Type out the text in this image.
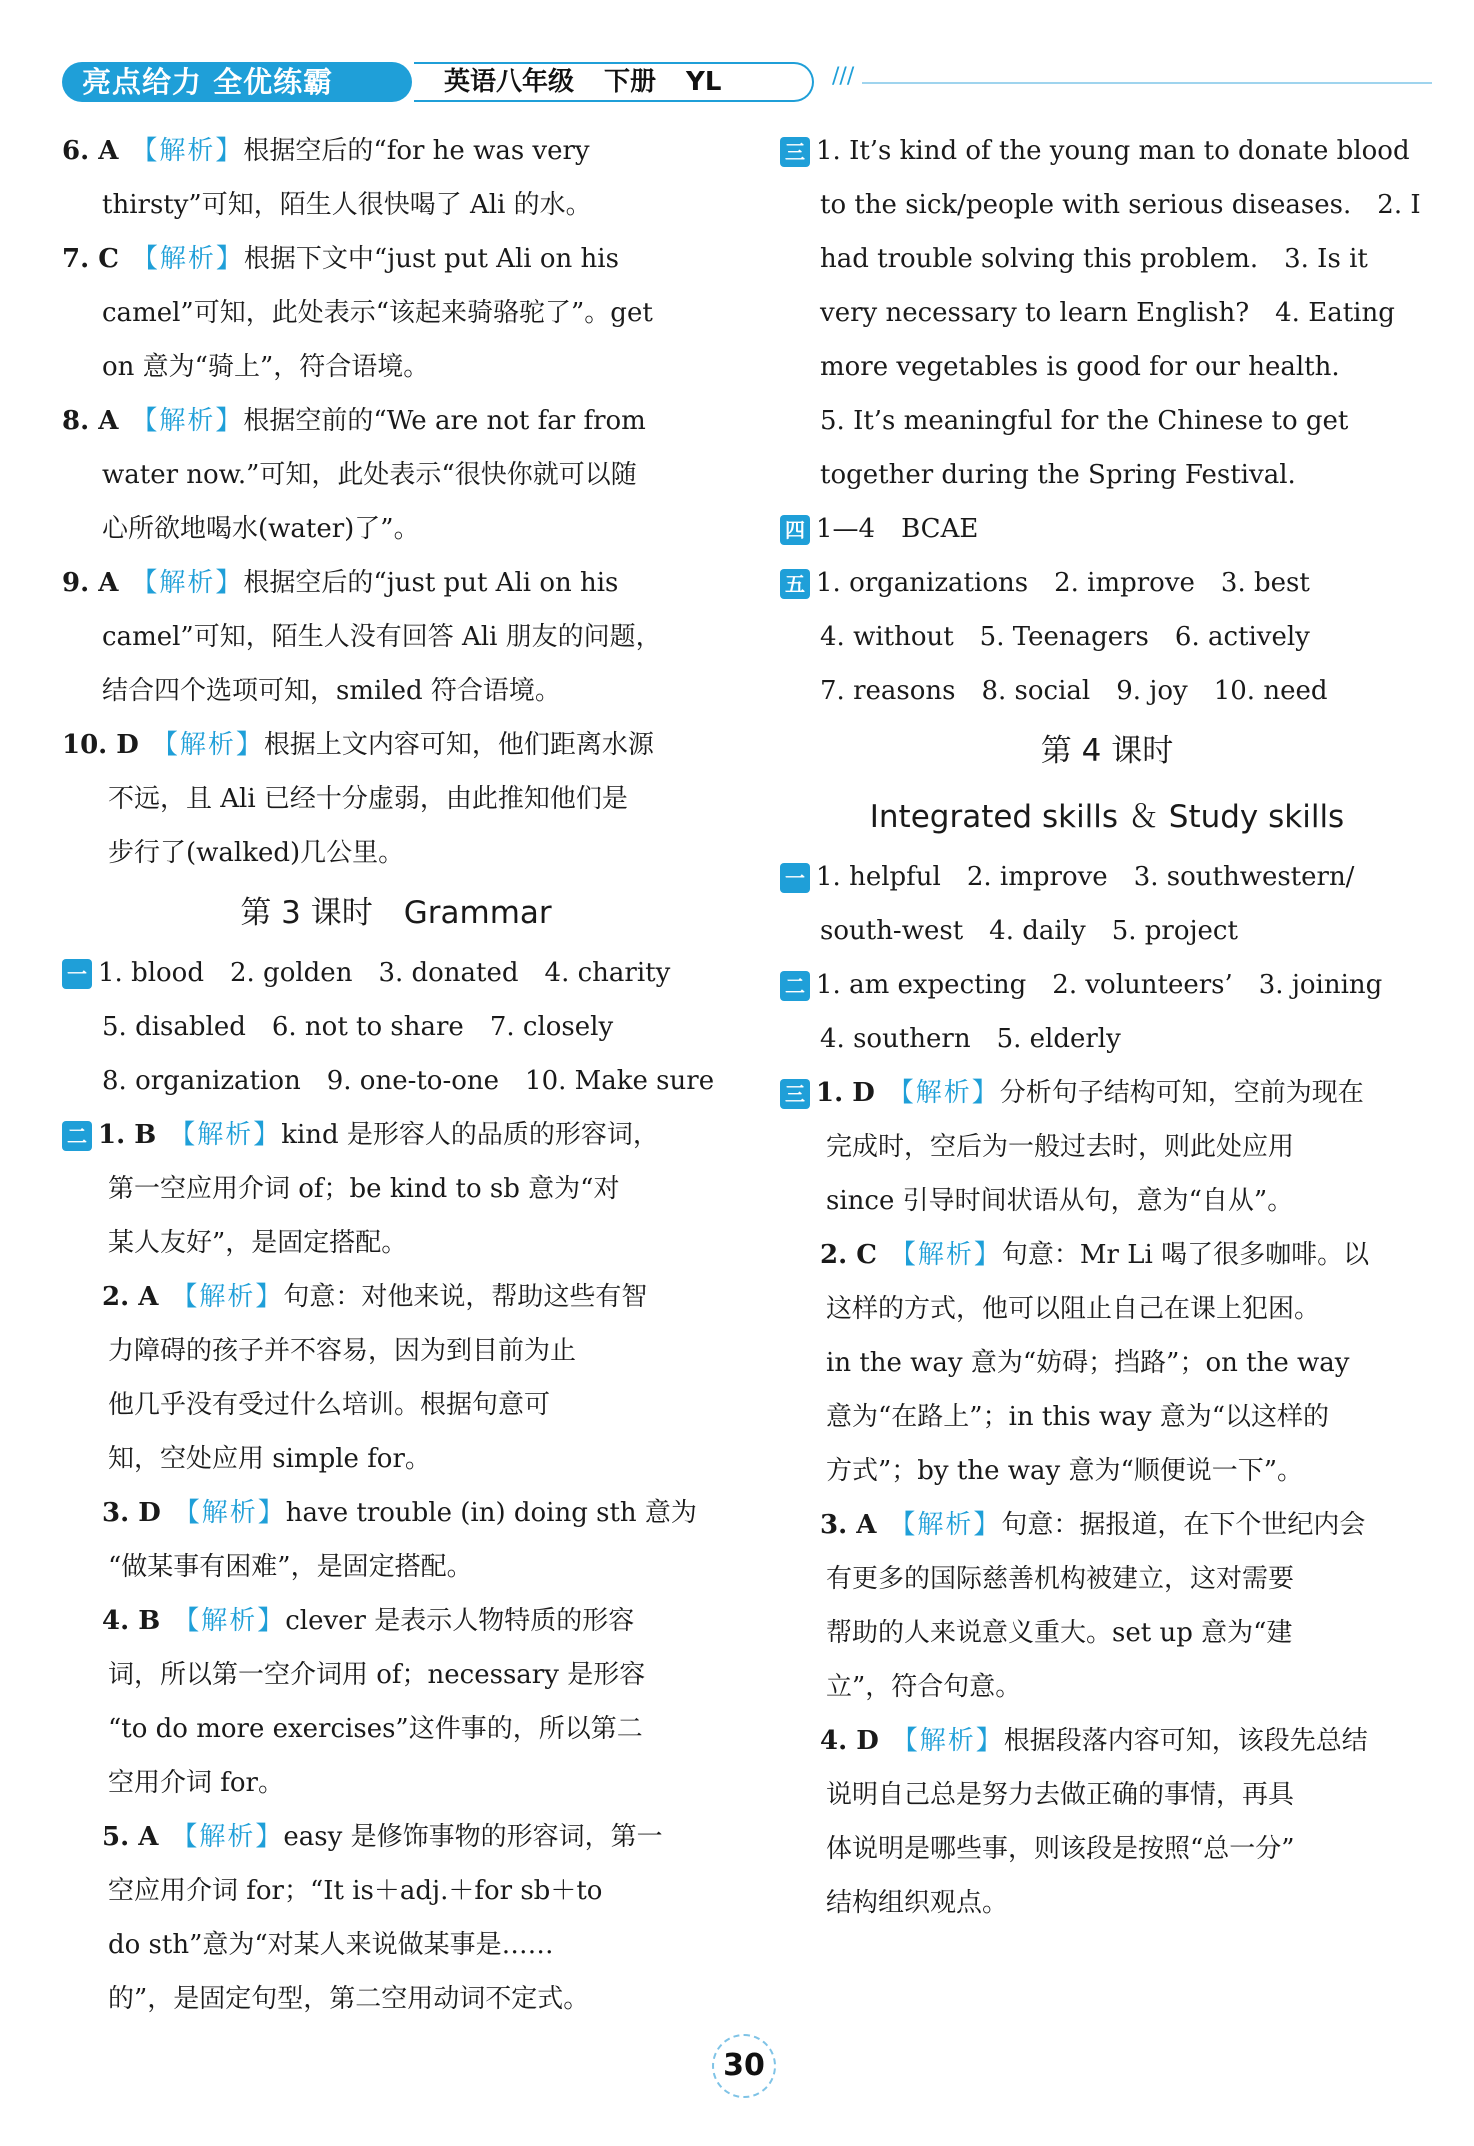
亮点给力 全优练霸	英语八年级 下册 YL	///
6. A　 【解析】根据空后的“for he was very
thirsty”可知，陌生人很快喝了 Ali 的水。
7. C　 【解析】根据下文中“just put Ali on his
camel”可知，此处表示“该起来骑骆驼了”。get
on 意为“骑上”，符合语境。
8. A　 【解析】根据空前的“We are not far from
water now.”可知，此处表示“很快你就可以随
心所欲地喝水(water)了”。
9. A　 【解析】根据空后的“just put Ali on his
camel”可知，陌生人没有回答 Ali 朋友的问题，
结合四个选项可知，smiled 符合语境。
10. D　 【解析】根据上文内容可知，他们距离水源
不远，且 Ali 已经十分虚弱，由此推知他们是
步行了(walked)几公里。
第 3 课时　Grammar
一 1. blood　2. golden　3. donated　4. charity
5. disabled　6. not to share　7. closely
8. organization　9. one-to-one　10. Make sure
二 1. B　 【解析】kind 是形容人的品质的形容词，
第一空应用介词 of；be kind to sb 意为“对
某人友好”，是固定搭配。
2. A　 【解析】句意：对他来说，帮助这些有智
力障碍的孩子并不容易，因为到目前为止
他几乎没有受过什么培训。根据句意可
知，空处应用 simple for。
3. D　 【解析】have trouble (in) doing sth 意为
“做某事有困难”，是固定搭配。
4. B　 【解析】clever 是表示人物特质的形容
词，所以第一空介词用 of；necessary 是形容
“to do more exercises”这件事的，所以第二
空用介词 for。
5. A　 【解析】easy 是修饰事物的形容词，第一
空应用介词 for；“It is＋adj.＋for sb＋to
do sth”意为“对某人来说做某事是……
的”，是固定句型，第二空用动词不定式。
三 1. It’s kind of the young man to donate blood
to the sick/people with serious diseases.　2. I
had trouble solving this problem.　3. Is it
very necessary to learn English?　4. Eating
more vegetables is good for our health.
5. It’s meaningful for the Chinese to get
together during the Spring Festival.
四 1—4　BCAE
五 1. organizations　2. improve　3. best
4. without　5. Teenagers　6. actively
7. reasons　8. social　9. joy　10. need
第 4 课时
Integrated skills ＆ Study skills
一 1. helpful　2. improve　3. southwestern/
south-west　4. daily　5. project
二 1. am expecting　2. volunteers’　3. joining
4. southern　5. elderly
三 1. D　 【解析】分析句子结构可知，空前为现在
完成时，空后为一般过去时，则此处应用
since 引导时间状语从句，意为“自从”。
2. C　 【解析】句意：Mr Li 喝了很多咖啡。以
这样的方式，他可以阻止自己在课上犯困。
in the way 意为“妨碍；挡路”；on the way
意为“在路上”；in this way 意为“以这样的
方式”；by the way 意为“顺便说一下”。
3. A　 【解析】句意：据报道，在下个世纪内会
有更多的国际慈善机构被建立，这对需要
帮助的人来说意义重大。set up 意为“建
立”，符合句意。
4. D　 【解析】根据段落内容可知，该段先总结
说明自己总是努力去做正确的事情，再具
体说明是哪些事，则该段是按照“总一分”
结构组织观点。
30
